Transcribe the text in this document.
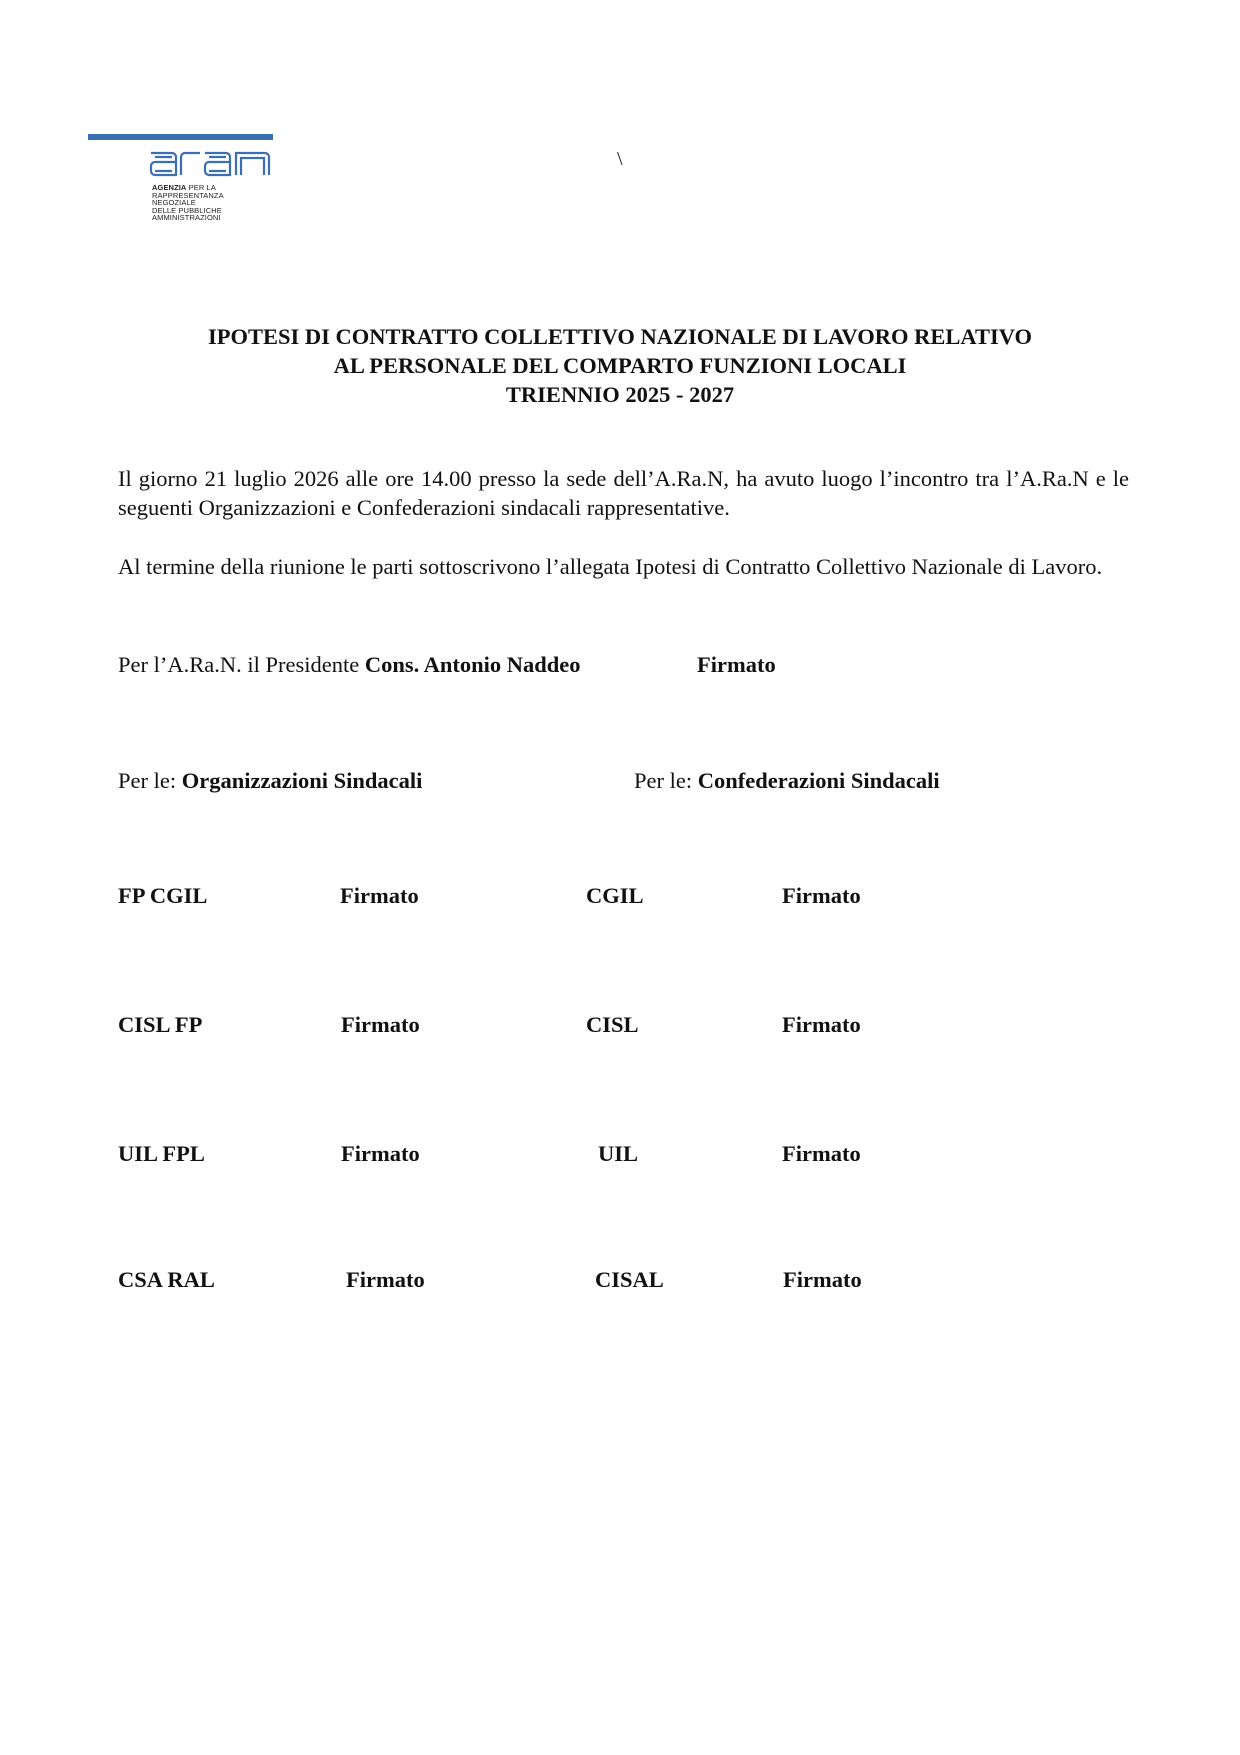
AGENZIA PER LA
RAPPRESENTANZA
NEGOZIALE
DELLE PUBBLICHE
AMMINISTRAZIONI
\
IPOTESI DI CONTRATTO COLLETTIVO NAZIONALE DI LAVORO RELATIVO
AL PERSONALE DEL COMPARTO FUNZIONI LOCALI
TRIENNIO 2025 - 2027
Il giorno 21 luglio 2026 alle ore 14.00 presso la sede dell’A.Ra.N, ha avuto luogo l’incontro tra l’A.Ra.N e le seguenti Organizzazioni e Confederazioni sindacali rappresentative.
Al termine della riunione le parti sottoscrivono l’allegata Ipotesi di Contratto Collettivo Nazionale di Lavoro.
Per l’A.Ra.N. il Presidente Cons. Antonio Naddeo	Firmato
Per le: Organizzazioni Sindacali	Per le: Confederazioni Sindacali
FP CGIL	Firmato	CGIL	Firmato
CISL FP	Firmato	CISL	Firmato
UIL FPL	Firmato	UIL	Firmato
CSA RAL	Firmato	CISAL	Firmato
